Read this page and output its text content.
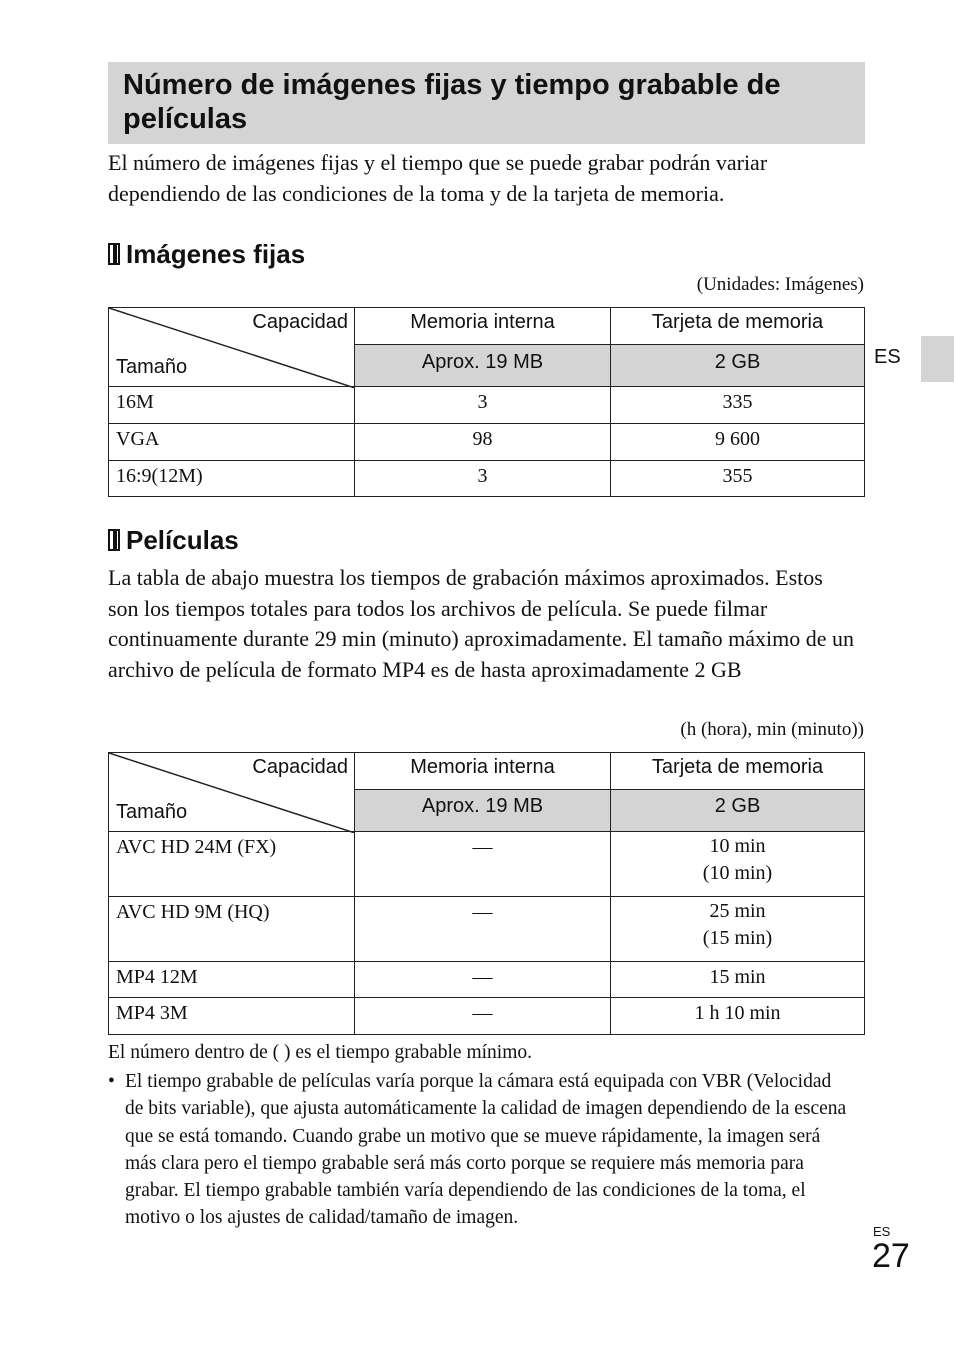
Número de imágenes fijas y tiempo grabable de películas

El número de imágenes fijas y el tiempo que se puede grabar podrán variar dependiendo de las condiciones de la toma y de la tarjeta de memoria.

Imágenes fijas
(Unidades: Imágenes)
Capacidad
Tamaño	Memoria interna	Tarjeta de memoria
	Aprox. 19 MB	2 GB
16M	3	335
VGA	98	9 600
16:9(12M)	3	355
Películas

La tabla de abajo muestra los tiempos de grabación máximos aproximados. Estos son los tiempos totales para todos los archivos de película. Se puede filmar continuamente durante 29 min (minuto) aproximadamente. El tamaño máximo de un archivo de película de formato MP4 es de hasta aproximadamente 2 GB

(h (hora), min (minuto))
Capacidad
Tamaño	Memoria interna	Tarjeta de memoria
	Aprox. 19 MB	2 GB
AVC HD 24M (FX)	—	10 min
(10 min)

AVC HD 9M (HQ)	—	25 min
(15 min)

MP4 12M	—	15 min
MP4 3M	—	1 h 10 min

El número dentro de ( ) es el tiempo grabable mínimo.

• El tiempo grabable de películas varía porque la cámara está equipada con VBR (Velocidad de bits variable), que ajusta automáticamente la calidad de imagen dependiendo de la escena que se está tomando. Cuando grabe un motivo que se mueve rápidamente, la imagen será más clara pero el tiempo grabable será más corto porque se requiere más memoria para grabar. El tiempo grabable también varía dependiendo de las condiciones de la toma, el motivo o los ajustes de calidad/tamaño de imagen.
ES
ES
27
